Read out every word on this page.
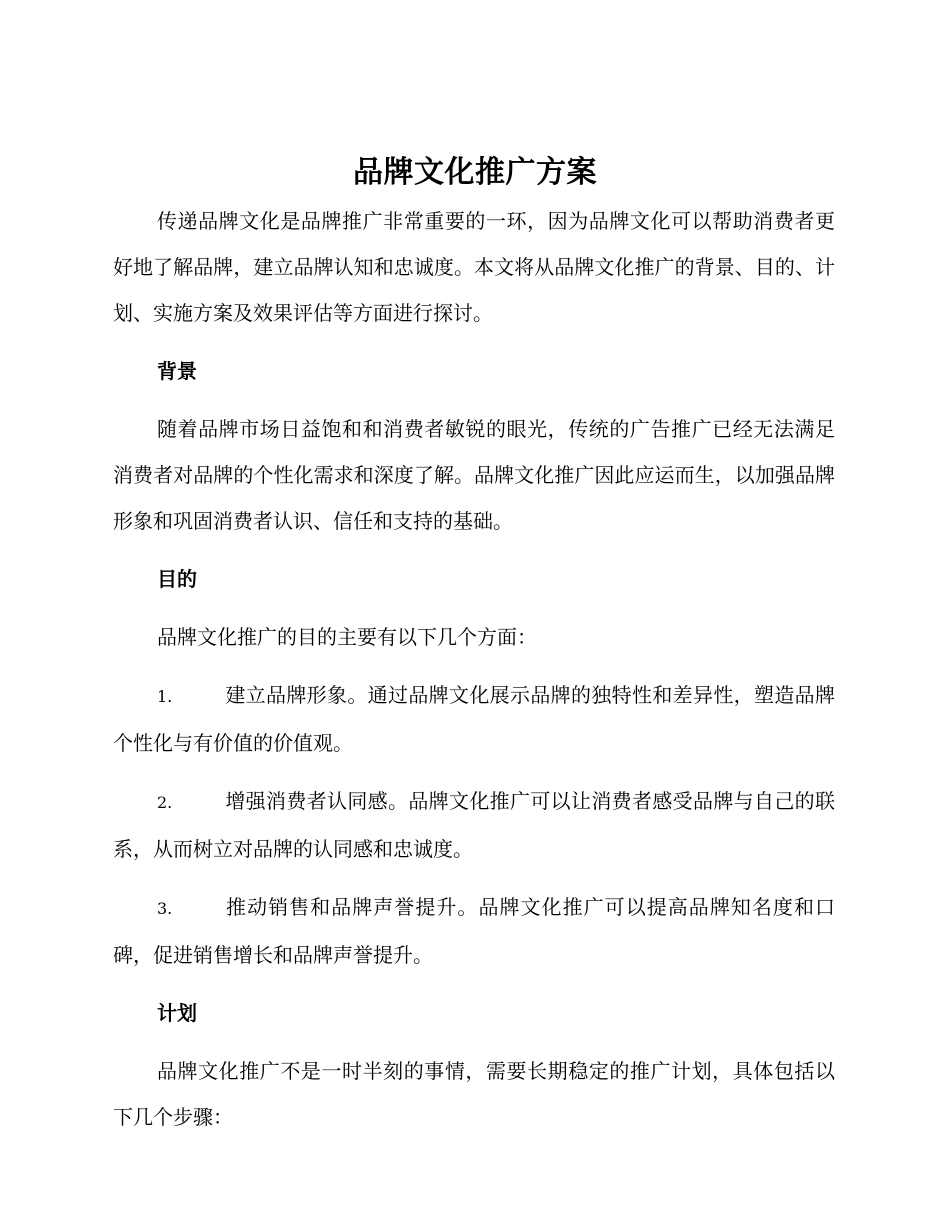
品牌文化推广方案

传递品牌文化是品牌推广非常重要的一环，因为品牌文化可以帮助消费者更好地了解品牌，建立品牌认知和忠诚度。本文将从品牌文化推广的背景、目的、计划、实施方案及效果评估等方面进行探讨。

背景

随着品牌市场日益饱和和消费者敏锐的眼光，传统的广告推广已经无法满足消费者对品牌的个性化需求和深度了解。品牌文化推广因此应运而生，以加强品牌形象和巩固消费者认识、信任和支持的基础。

目的

品牌文化推广的目的主要有以下几个方面：

1.	建立品牌形象。通过品牌文化展示品牌的独特性和差异性，塑造品牌个性化与有价值的价值观。

2.	增强消费者认同感。品牌文化推广可以让消费者感受品牌与自己的联系，从而树立对品牌的认同感和忠诚度。

3.	推动销售和品牌声誉提升。品牌文化推广可以提高品牌知名度和口碑，促进销售增长和品牌声誉提升。

计划

品牌文化推广不是一时半刻的事情，需要长期稳定的推广计划，具体包括以下几个步骤：
